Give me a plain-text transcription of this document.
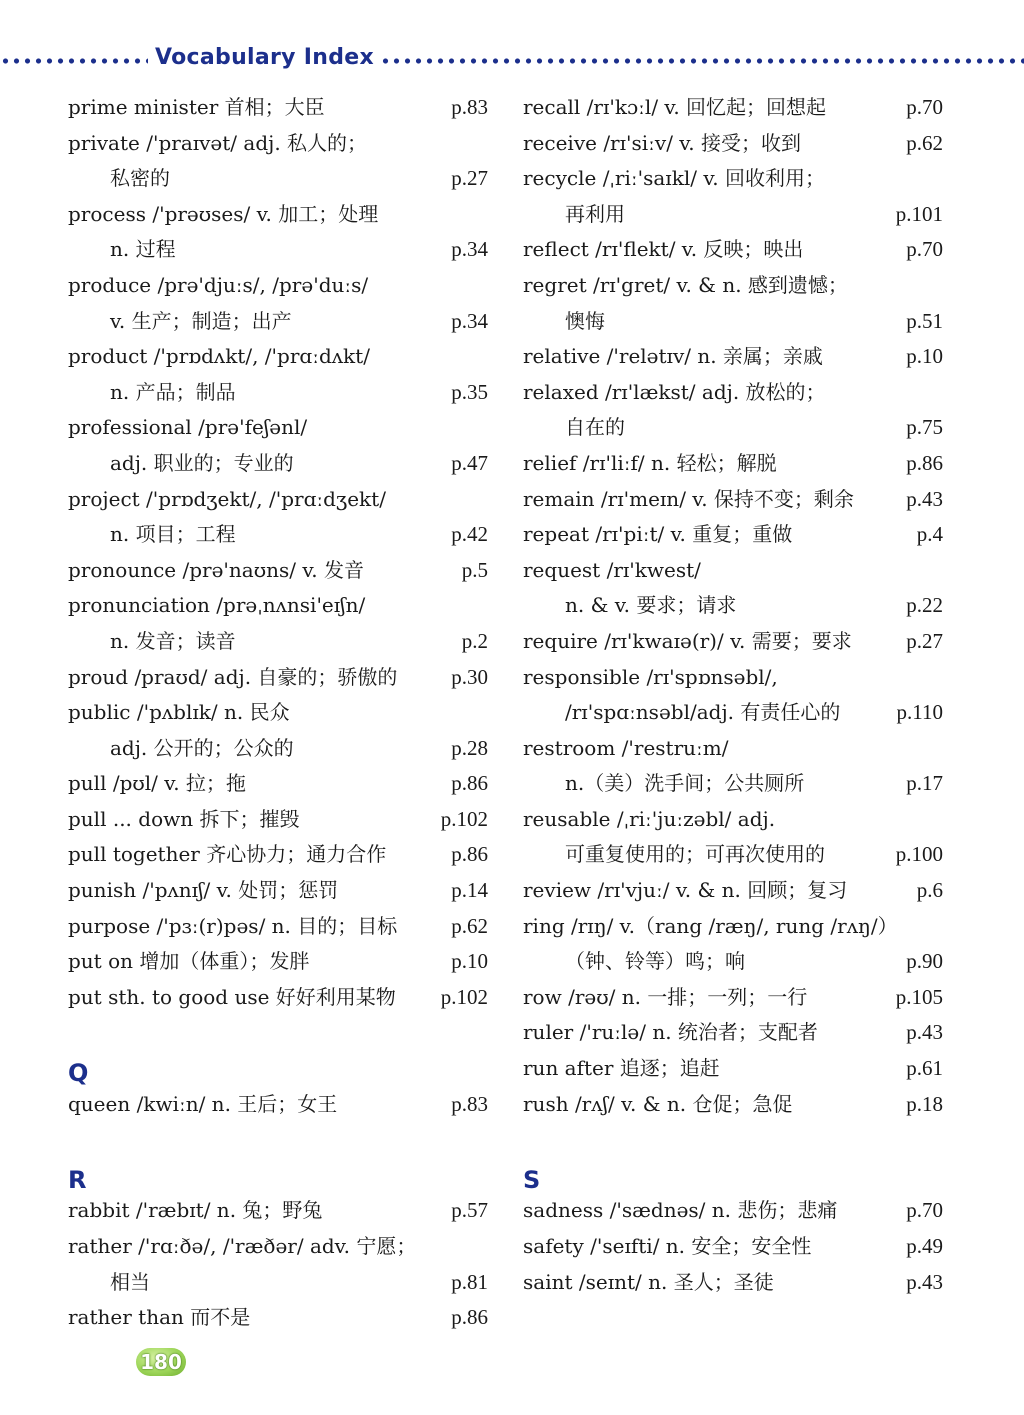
Vocabulary Index
prime minister 首相；大臣	p.83
private /'praɪvət/ adj. 私人的；
私密的	p.27
process /'prəʊses/ v. 加工；处理
n. 过程	p.34
produce /prə'djuːs/, /prə'duːs/
v. 生产；制造；出产	p.34
product /'prɒdʌkt/, /'prɑːdʌkt/
n. 产品；制品	p.35
professional /prə'feʃənl/
adj. 职业的；专业的	p.47
project /'prɒdʒekt/, /'prɑːdʒekt/
n. 项目；工程	p.42
pronounce /prə'naʊns/ v. 发音	p.5
pronunciation /prəˌnʌnsi'eɪʃn/
n. 发音；读音	p.2
proud /praʊd/ adj. 自豪的；骄傲的	p.30
public /'pʌblɪk/ n. 民众
adj. 公开的；公众的	p.28
pull /pʊl/ v. 拉；拖	p.86
pull ... down 拆下；摧毁	p.102
pull together 齐心协力；通力合作	p.86
punish /'pʌnɪʃ/ v. 处罚；惩罚	p.14
purpose /'pɜː(r)pəs/ n. 目的；目标	p.62
put on 增加（体重）；发胖	p.10
put sth. to good use 好好利用某物 p.102
Q
queen /kwiːn/ n. 王后；女王	p.83
R
rabbit /'ræbɪt/ n. 兔；野兔	p.57
rather /'rɑːðə/, /'ræðər/ adv. 宁愿；
相当	p.81
rather than 而不是	p.86
recall /rɪ'kɔːl/ v. 回忆起；回想起	p.70
receive /rɪ'siːv/ v. 接受；收到	p.62
recycle /ˌriː'saɪkl/ v. 回收利用；
再利用	p.101
reflect /rɪ'flekt/ v. 反映；映出	p.70
regret /rɪ'gret/ v. & n. 感到遗憾；
懊悔	p.51
relative /'relətɪv/ n. 亲属；亲戚	p.10
relaxed /rɪ'lækst/ adj. 放松的；
自在的	p.75
relief /rɪ'liːf/ n. 轻松；解脱	p.86
remain /rɪ'meɪn/ v. 保持不变；剩余 p.43
repeat /rɪ'piːt/ v. 重复；重做	p.4
request /rɪ'kwest/
n. & v. 要求；请求	p.22
require /rɪ'kwaɪə(r)/ v. 需要；要求	p.27
responsible /rɪ'spɒnsəbl/,
/rɪ'spɑːnsəbl/adj. 有责任心的	p.110
restroom /'restruːm/
n.（美）洗手间；公共厕所	p.17
reusable /ˌriː'juːzəbl/ adj.
可重复使用的；可再次使用的	p.100
review /rɪ'vjuː/ v. & n. 回顾；复习	p.6
ring /rɪŋ/ v.（rang /ræŋ/, rung /rʌŋ/）
（钟、铃等）鸣；响	p.90
row /rəʊ/ n. 一排；一列；一行	p.105
ruler /'ruːlə/ n. 统治者；支配者	p.43
run after 追逐；追赶	p.61
rush /rʌʃ/ v. & n. 仓促；急促	p.18
S
sadness /'sædnəs/ n. 悲伤；悲痛	p.70
safety /'seɪfti/ n. 安全；安全性	p.49
saint /seɪnt/ n. 圣人；圣徒	p.43
180
